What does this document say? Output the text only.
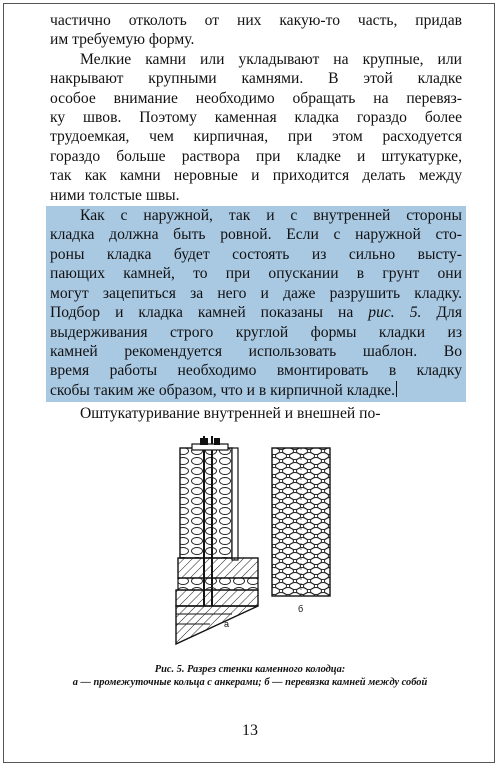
частично отколоть от них какую-то часть, придав
им требуемую форму.

Мелкие камни или укладывают на крупные, или
накрывают крупными камнями. В этой кладке
особое внимание необходимо обращать на перевяз-
ку швов. Поэтому каменная кладка гораздо более
трудоемкая, чем кирпичная, при этом расходуется
гораздо больше раствора при кладке и штукатурке,
так как камни неровные и приходится делать между
ними толстые швы.

Как с наружной, так и с внутренней стороны
кладка должна быть ровной. Если с наружной сто-
роны кладка будет состоять из сильно высту-
пающих камней, то при опускании в грунт они
могут зацепиться за него и даже разрушить кладку.
Подбор и кладка камней показаны на рис. 5. Для
выдерживания строго круглой формы кладки из
камней рекомендуется использовать шаблон. Во
время работы необходимо вмонтировать в кладку
скобы таким же образом, что и в кирпичной кладке.

Оштукатуривание внутренней и внешней по-

а
б
Рис. 5. Разрез стенки каменного колодца:
а — промежуточные кольца с анкерами; б — перевязка камней между собой
13
